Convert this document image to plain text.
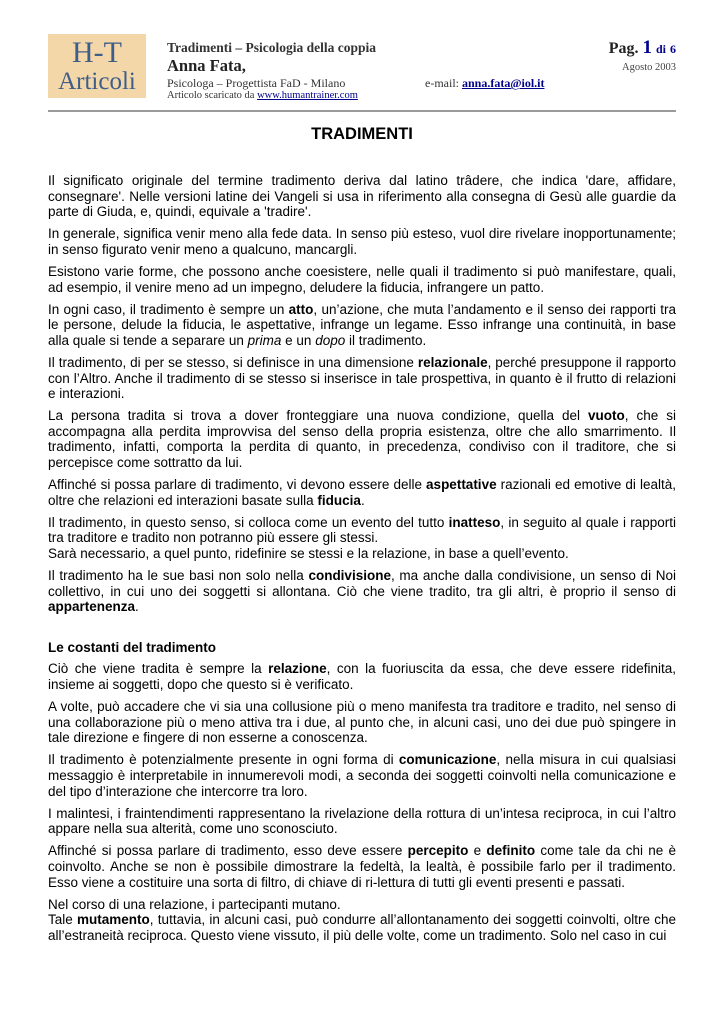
H-T
Articoli
Tradimenti – Psicologia della coppia
Anna Fata,
Psicologa – Progettista FaD - Milano
Articolo scaricato da www.humantrainer.com
e-mail: anna.fata@iol.it
Pag. 1 di 6
Agosto 2003
TRADIMENTI

Il significato originale del termine tradimento deriva dal latino trâdere, che indica 'dare, affidare, consegnare'. Nelle versioni latine dei Vangeli si usa in riferimento alla consegna di Gesù alle guardie da parte di Giuda, e, quindi, equivale a 'tradire'.

In generale, significa venir meno alla fede data. In senso più esteso, vuol dire rivelare inopportunamente; in senso figurato venir meno a qualcuno, mancargli.

Esistono varie forme, che possono anche coesistere, nelle quali il tradimento si può manifestare, quali, ad esempio, il venire meno ad un impegno, deludere la fiducia, infrangere un patto.

In ogni caso, il tradimento è sempre un atto, un’azione, che muta l’andamento e il senso dei rapporti tra le persone, delude la fiducia, le aspettative, infrange un legame. Esso infrange una continuità, in base alla quale si tende a separare un prima e un dopo il tradimento.

Il tradimento, di per se stesso, si definisce in una dimensione relazionale, perché presuppone il rapporto con l’Altro. Anche il tradimento di se stesso si inserisce in tale prospettiva, in quanto è il frutto di relazioni e interazioni.

La persona tradita si trova a dover fronteggiare una nuova condizione, quella del vuoto, che si accompagna alla perdita improvvisa del senso della propria esistenza, oltre che allo smarrimento. Il tradimento, infatti, comporta la perdita di quanto, in precedenza, condiviso con il traditore, che si percepisce come sottratto da lui.

Affinché si possa parlare di tradimento, vi devono essere delle aspettative razionali ed emotive di lealtà, oltre che relazioni ed interazioni basate sulla fiducia.

Il tradimento, in questo senso, si colloca come un evento del tutto inatteso, in seguito al quale i rapporti tra traditore e tradito non potranno più essere gli stessi.

Sarà necessario, a quel punto, ridefinire se stessi e la relazione, in base a quell’evento.

Il tradimento ha le sue basi non solo nella condivisione, ma anche dalla condivisione, un senso di Noi collettivo, in cui uno dei soggetti si allontana. Ciò che viene tradito, tra gli altri, è proprio il senso di appartenenza.

Le costanti del tradimento

Ciò che viene tradita è sempre la relazione, con la fuoriuscita da essa, che deve essere ridefinita, insieme ai soggetti, dopo che questo si è verificato.

A volte, può accadere che vi sia una collusione più o meno manifesta tra traditore e tradito, nel senso di una collaborazione più o meno attiva tra i due, al punto che, in alcuni casi, uno dei due può spingere in tale direzione e fingere di non esserne a conoscenza.

Il tradimento è potenzialmente presente in ogni forma di comunicazione, nella misura in cui qualsiasi messaggio è interpretabile in innumerevoli modi, a seconda dei soggetti coinvolti nella comunicazione e del tipo d’interazione che intercorre tra loro.

I malintesi, i fraintendimenti rappresentano la rivelazione della rottura di un’intesa reciproca, in cui l’altro appare nella sua alterità, come uno sconosciuto.

Affinché si possa parlare di tradimento, esso deve essere percepito e definito come tale da chi ne è coinvolto. Anche se non è possibile dimostrare la fedeltà, la lealtà, è possibile farlo per il tradimento. Esso viene a costituire una sorta di filtro, di chiave di ri-lettura di tutti gli eventi presenti e passati.

Nel corso di una relazione, i partecipanti mutano.

Tale mutamento, tuttavia, in alcuni casi, può condurre all’allontanamento dei soggetti coinvolti, oltre che all’estraneità reciproca. Questo viene vissuto, il più delle volte, come un tradimento. Solo nel caso in cui
